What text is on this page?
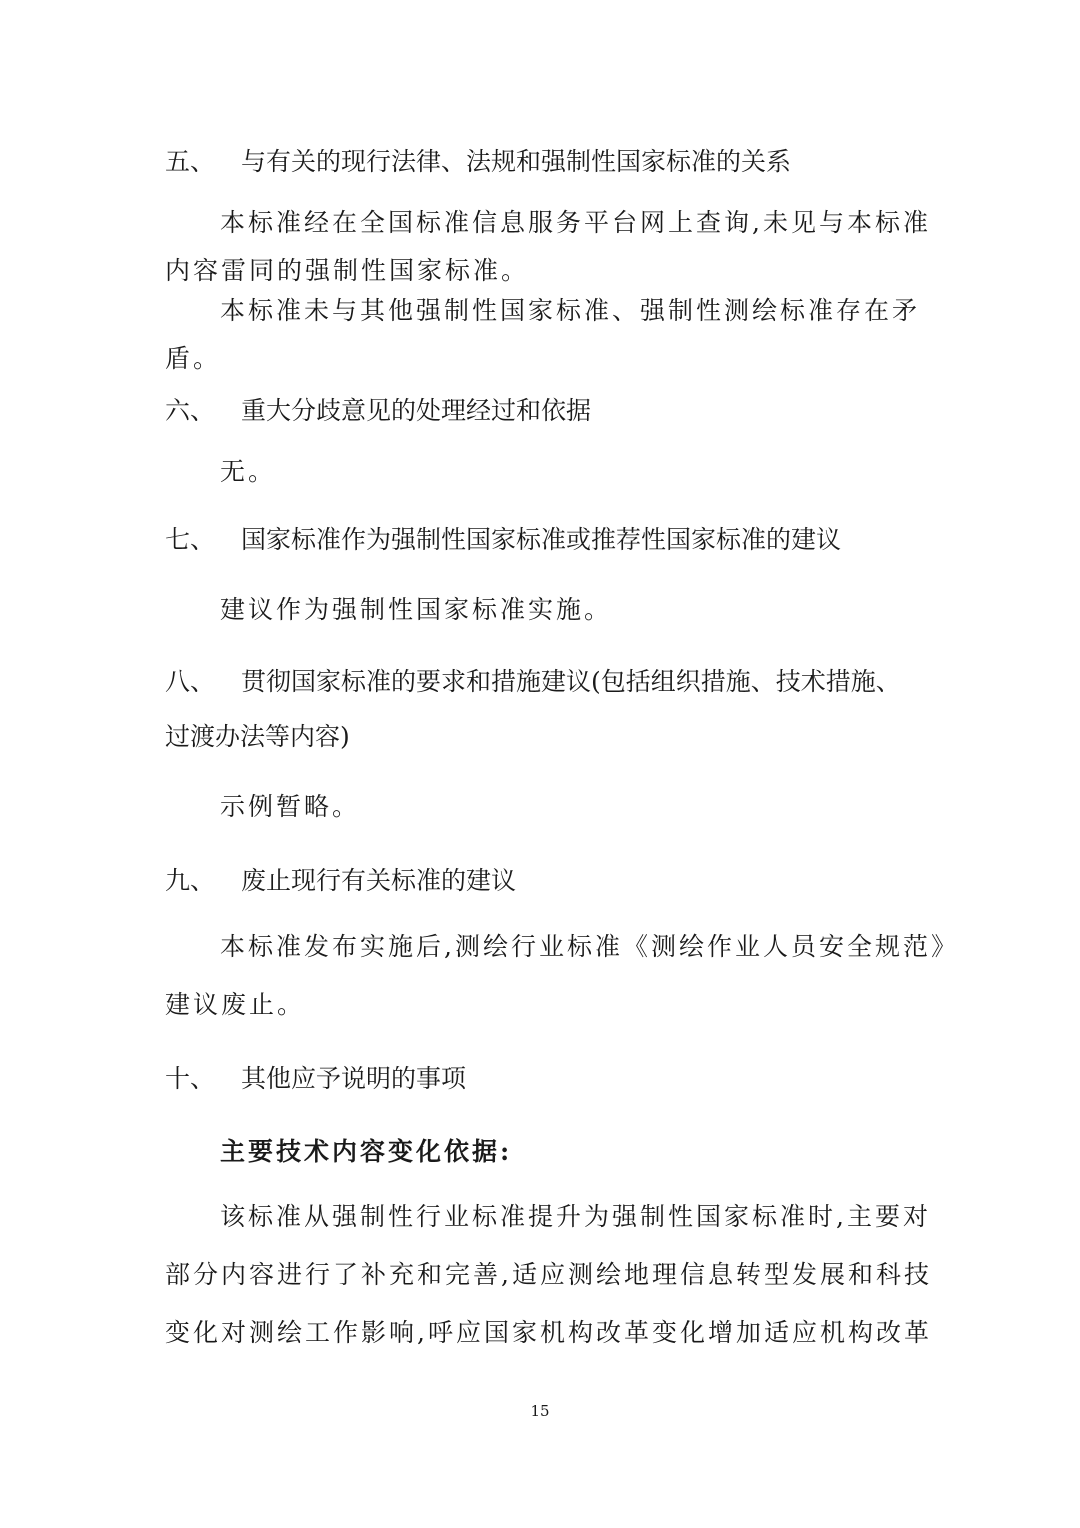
五、 与有关的现行法律、法规和强制性国家标准的关系
本标准经在全国标准信息服务平台网上查询,未见与本标准
内容雷同的强制性国家标准。
本标准未与其他强制性国家标准、强制性测绘标准存在矛
盾。
六、 重大分歧意见的处理经过和依据
无。
七、 国家标准作为强制性国家标准或推荐性国家标准的建议
建议作为强制性国家标准实施。
八、 贯彻国家标准的要求和措施建议(包括组织措施、技术措施、
过渡办法等内容)
示例暂略。
九、 废止现行有关标准的建议
本标准发布实施后,测绘行业标准《测绘作业人员安全规范》
建议废止。
十、 其他应予说明的事项
主要技术内容变化依据:
该标准从强制性行业标准提升为强制性国家标准时,主要对
部分内容进行了补充和完善,适应测绘地理信息转型发展和科技
变化对测绘工作影响,呼应国家机构改革变化增加适应机构改革
15
